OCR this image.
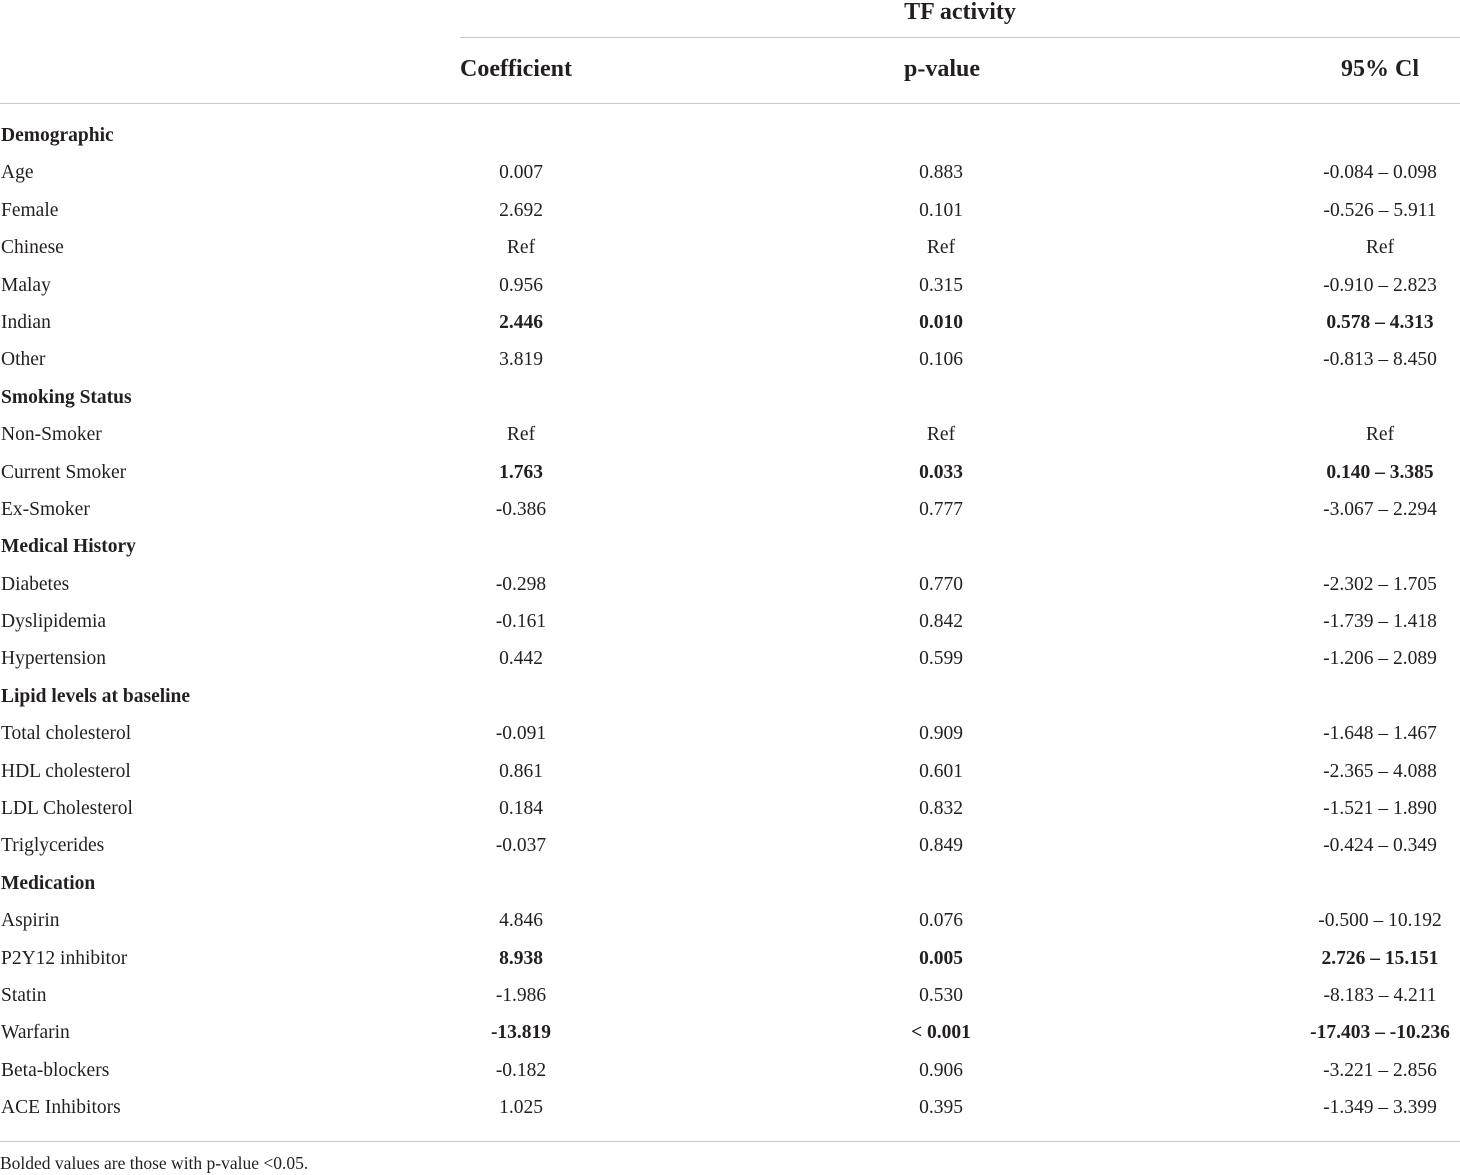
TF activity
Coefficient	p-value	95% Cl
Demographic
Age	0.007	0.883	-0.084 – 0.098
Female	2.692	0.101	-0.526 – 5.911
Chinese	Ref	Ref	Ref
Malay	0.956	0.315	-0.910 – 2.823
Indian	2.446	0.010	0.578 – 4.313
Other	3.819	0.106	-0.813 – 8.450
Smoking Status
Non-Smoker	Ref	Ref	Ref
Current Smoker	1.763	0.033	0.140 – 3.385
Ex-Smoker	-0.386	0.777	-3.067 – 2.294
Medical History
Diabetes	-0.298	0.770	-2.302 – 1.705
Dyslipidemia	-0.161	0.842	-1.739 – 1.418
Hypertension	0.442	0.599	-1.206 – 2.089
Lipid levels at baseline
Total cholesterol	-0.091	0.909	-1.648 – 1.467
HDL cholesterol	0.861	0.601	-2.365 – 4.088
LDL Cholesterol	0.184	0.832	-1.521 – 1.890
Triglycerides	-0.037	0.849	-0.424 – 0.349
Medication
Aspirin	4.846	0.076	-0.500 – 10.192
P2Y12 inhibitor	8.938	0.005	2.726 – 15.151
Statin	-1.986	0.530	-8.183 – 4.211
Warfarin	-13.819	< 0.001	-17.403 – -10.236
Beta-blockers	-0.182	0.906	-3.221 – 2.856
ACE Inhibitors	1.025	0.395	-1.349 – 3.399
Bolded values are those with p-value <0.05.
